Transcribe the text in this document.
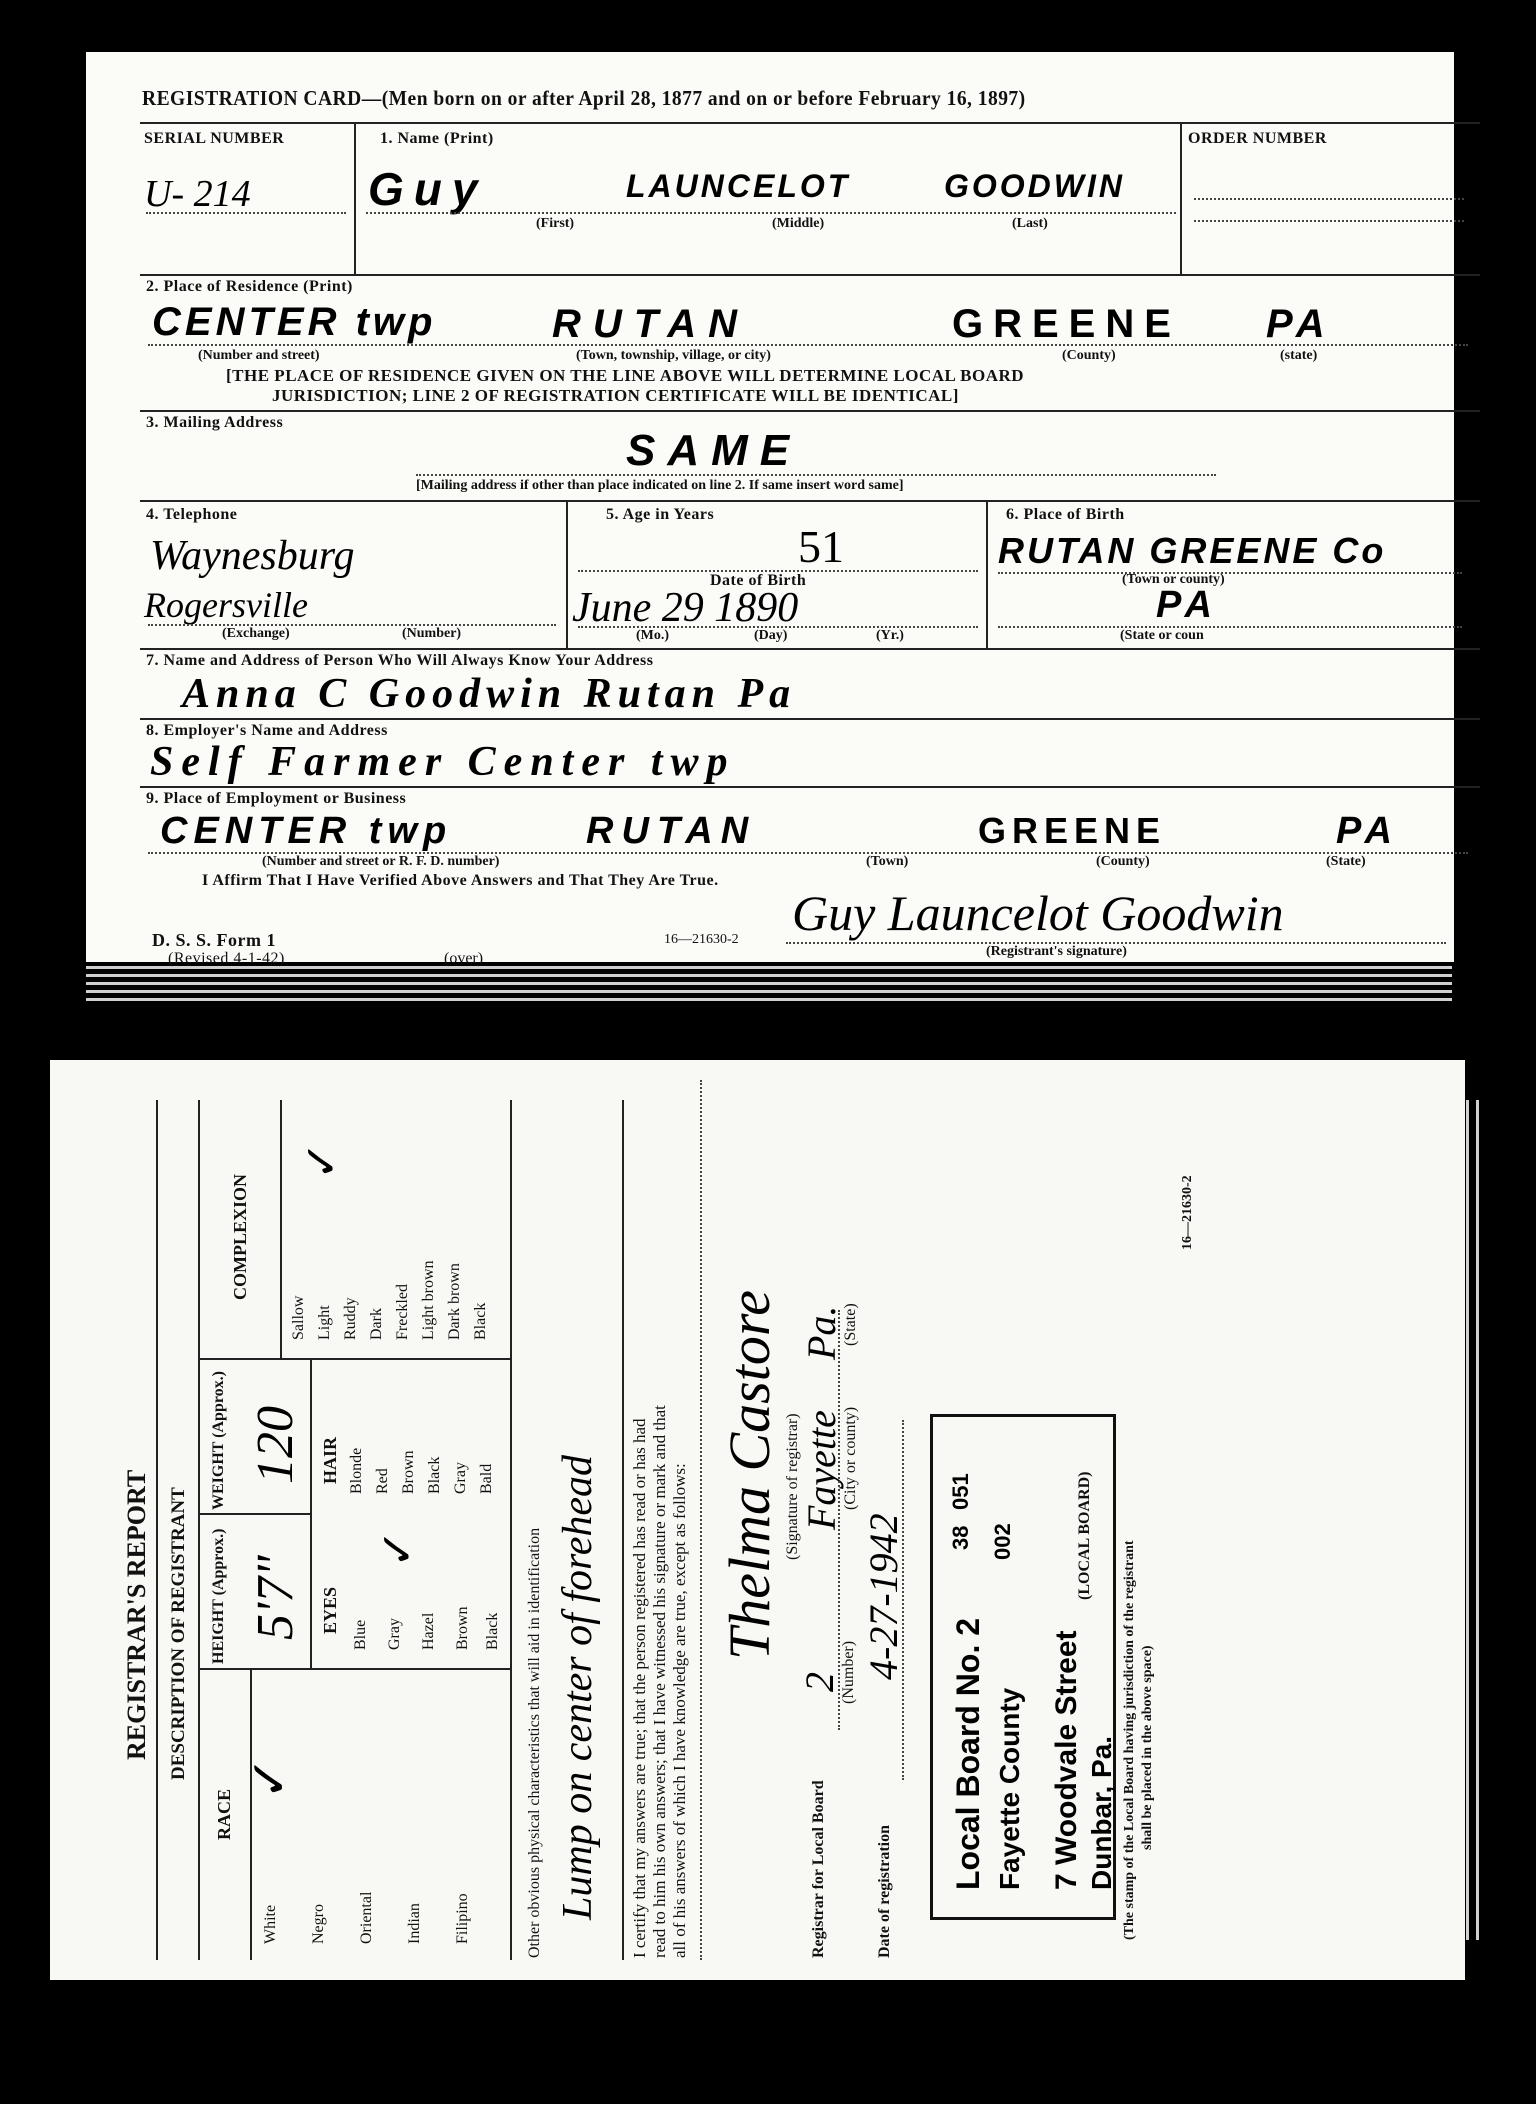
REGISTRATION CARD—(Men born on or after April 28, 1877 and on or before February 16, 1897)
SERIAL NUMBER
U- 214
1. Name (Print)
Guy	LAUNCELOT	GOODWIN
(First)	(Middle)	(Last)
ORDER NUMBER
2. Place of Residence (Print)
CENTER twp	RUTAN	GREENE PA
(Number and street)	(Town, township, village, or city)	(County)	(state)
[THE PLACE OF RESIDENCE GIVEN ON THE LINE ABOVE WILL DETERMINE LOCAL BOARD
JURISDICTION; LINE 2 OF REGISTRATION CERTIFICATE WILL BE IDENTICAL]
3. Mailing Address
SAME
[Mailing address if other than place indicated on line 2. If same insert word same]
4. Telephone
Waynesburg
Rogersville
(Exchange)	(Number)
5. Age in Years
51
Date of Birth
June 29 1890
(Mo.)	(Day)	(Yr.)
6. Place of Birth
RUTAN GREENE Co
(Town or county)
PA
(State or coun
7. Name and Address of Person Who Will Always Know Your Address
Anna C Goodwin Rutan Pa
8. Employer's Name and Address
Self Farmer Center twp
9. Place of Employment or Business
CENTER twp	RUTAN	GREENE	PA
(Number and street or R. F. D. number)	(Town)	(County)	(State)
I Affirm That I Have Verified Above Answers and That They Are True.
D. S. S. Form 1
(Revised 4-1-42)	(over)
16—21630-2 Guy Launcelot Goodwin
(Registrant's signature)
REGISTRAR'S REPORT DESCRIPTION OF REGISTRANT
RACE
White Negro Oriental Indian Filipino
✓
HEIGHT (Approx.) 5'7"
WEIGHT (Approx.) 120
EYES
Blue Gray Hazel Brown Black
✓
HAIR Blonde Red Brown Black Gray Bald
COMPLEXION
Sallow Light Ruddy Dark Freckled Light brown Dark brown Black
✓
Other obvious physical characteristics that will aid in identification Lump on center of forehead I certify that my answers are true; that the person registered has read or has had read to him his own answers; that I have witnessed his signature or mark and that all of his answers of which I have knowledge are true, except as follows: Thelma Castore (Signature of registrar)
Registrar for Local Board
2
(Number)
Fayette
(City or county)
Pa.
(State)
Date of registration
4-27-1942
Local Board No. 2
38
051
002
Fayette County 7 Woodvale Street Dunbar, Pa.
(LOCAL BOARD)
(The stamp of the Local Board having jurisdiction of the registrant shall be placed in the above space)
16—21630-2
